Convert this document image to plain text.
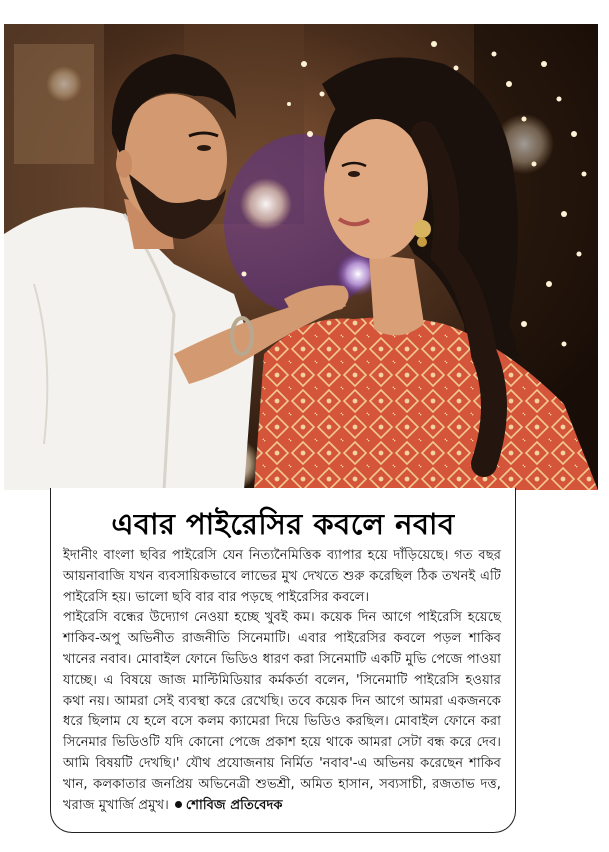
এবার পাইরেসির কবলে নবাব

ইদানীং বাংলা ছবির পাইরেসি যেন নিত্যনৈমিত্তিক ব্যাপার হয়ে দাঁড়িয়েছে। গত বছর আয়নাবাজি যখন ব্যবসায়িকভাবে লাভের মুখ দেখতে শুরু করেছিল ঠিক তখনই এটি পাইরেসি হয়। ভালো ছবি বার বার পড়ছে পাইরেসির কবলে।

পাইরেসি বন্ধের উদ্যোগ নেওয়া হচ্ছে খুবই কম। কয়েক দিন আগে পাইরেসি হয়েছে শাকিব-অপু অভিনীত রাজনীতি সিনেমাটি। এবার পাইরেসির কবলে পড়ল শাকিব খানের নবাব। মোবাইল ফোনে ভিডিও ধারণ করা সিনেমাটি একটি মুভি পেজে পাওয়া যাচ্ছে। এ বিষয়ে জাজ মাল্টিমিডিয়ার কর্মকর্তা বলেন, 'সিনেমাটি পাইরেসি হওয়ার কথা নয়। আমরা সেই ব্যবস্থা করে রেখেছি। তবে কয়েক দিন আগে আমরা একজনকে ধরে ছিলাম যে হলে বসে কলম ক্যামেরা দিয়ে ভিডিও করছিল। মোবাইল ফোনে করা সিনেমার ভিডিওটি যদি কোনো পেজে প্রকাশ হয়ে থাকে আমরা সেটা বন্ধ করে দেব। আমি বিষয়টি দেখছি।' যৌথ প্রযোজনায় নির্মিত 'নবাব'-এ অভিনয় করেছেন শাকিব খান, কলকাতার জনপ্রিয় অভিনেত্রী শুভশ্রী, অমিত হাসান, সব্যসাচী, রজতাভ দত্ত, খরাজ মুখার্জি প্রমুখ। শোবিজ প্রতিবেদক
